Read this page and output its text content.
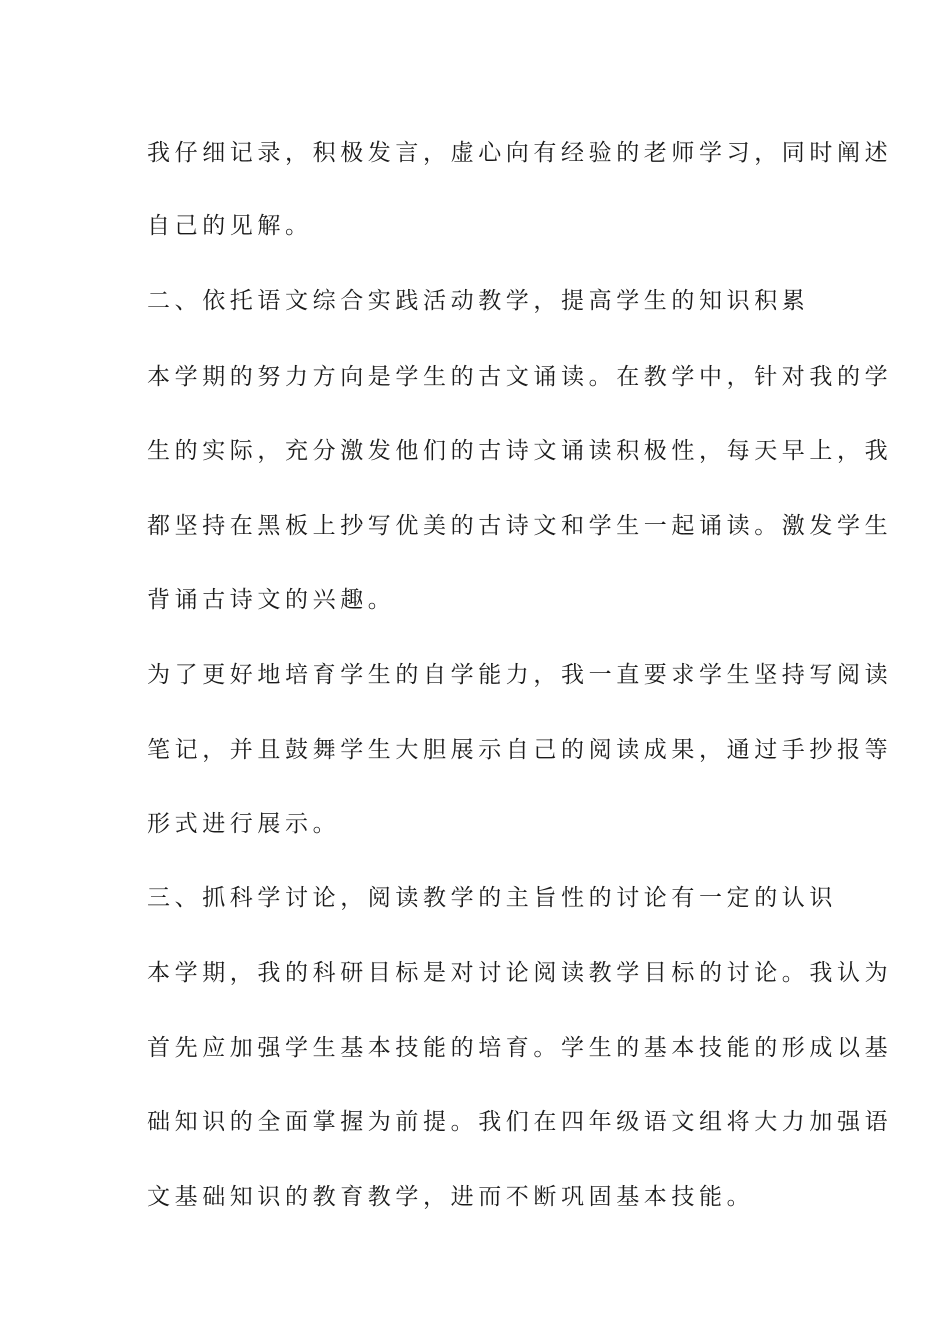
我仔细记录，积极发言，虚心向有经验的老师学习，同时阐述
自己的见解。
二、依托语文综合实践活动教学，提高学生的知识积累
本学期的努力方向是学生的古文诵读。在教学中，针对我的学
生的实际，充分激发他们的古诗文诵读积极性，每天早上，我
都坚持在黑板上抄写优美的古诗文和学生一起诵读。激发学生
背诵古诗文的兴趣。
为了更好地培育学生的自学能力，我一直要求学生坚持写阅读
笔记，并且鼓舞学生大胆展示自己的阅读成果，通过手抄报等
形式进行展示。
三、抓科学讨论，阅读教学的主旨性的讨论有一定的认识
本学期，我的科研目标是对讨论阅读教学目标的讨论。我认为
首先应加强学生基本技能的培育。学生的基本技能的形成以基
础知识的全面掌握为前提。我们在四年级语文组将大力加强语
文基础知识的教育教学，进而不断巩固基本技能。
